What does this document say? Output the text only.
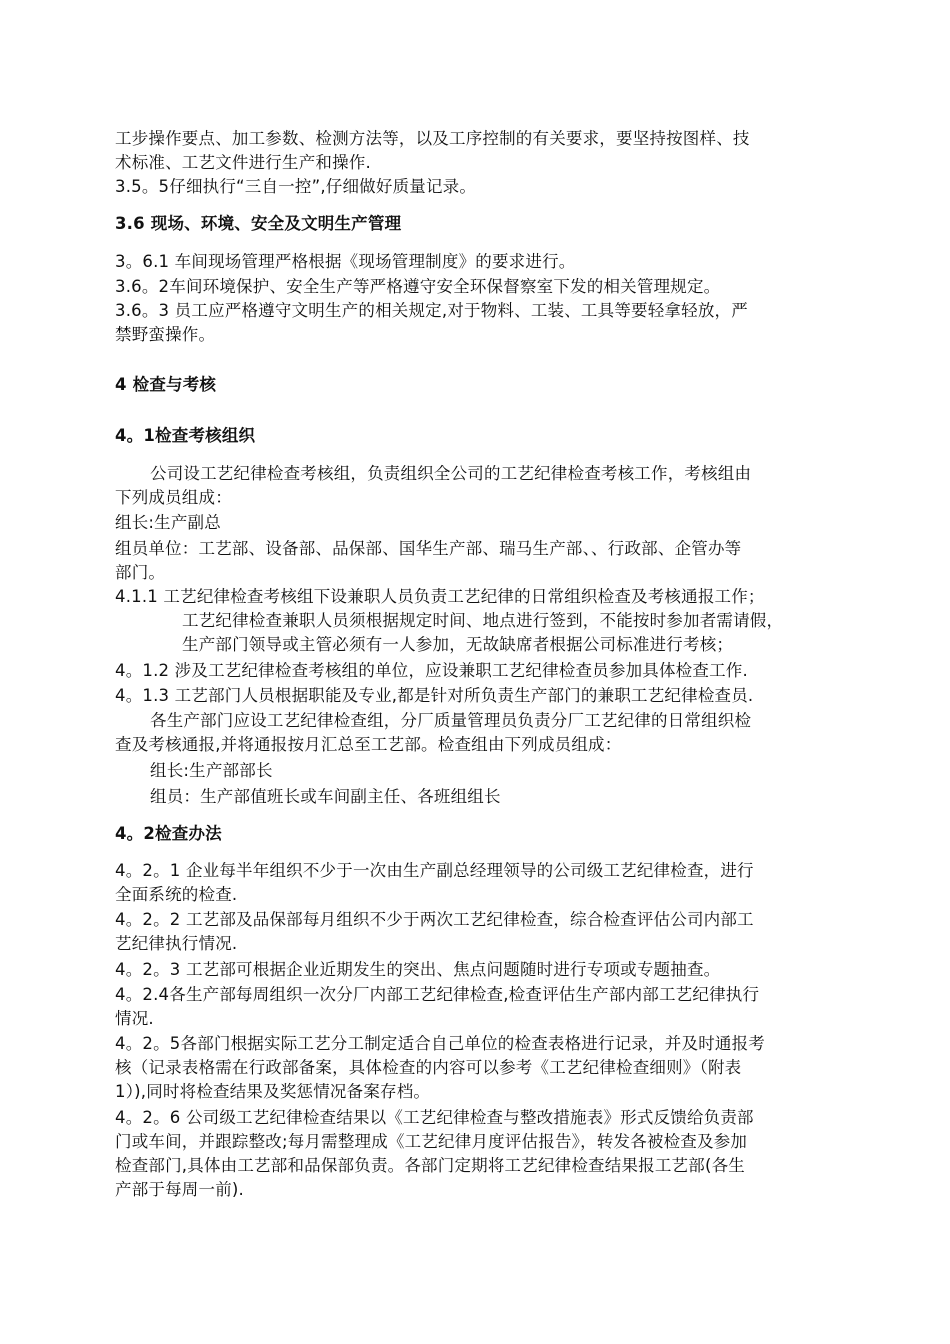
工步操作要点、加工参数、检测方法等，以及工序控制的有关要求，要坚持按图样、技
术标准、工艺文件进行生产和操作.
3.5。5仔细执行“三自一控”,仔细做好质量记录。
3.6 现场、环境、安全及文明生产管理
3。6.1 车间现场管理严格根据《现场管理制度》的要求进行。
3.6。2车间环境保护、安全生产等严格遵守安全环保督察室下发的相关管理规定。
3.6。3 员工应严格遵守文明生产的相关规定,对于物料、工装、工具等要轻拿轻放，严
禁野蛮操作。
4 检查与考核
4。1检查考核组织
公司设工艺纪律检查考核组，负责组织全公司的工艺纪律检查考核工作，考核组由
下列成员组成：
组长:生产副总
组员单位：工艺部、设备部、品保部、国华生产部、瑞马生产部、、行政部、企管办等
部门。
4.1.1 工艺纪律检查考核组下设兼职人员负责工艺纪律的日常组织检查及考核通报工作；
工艺纪律检查兼职人员须根据规定时间、地点进行签到，不能按时参加者需请假，
生产部门领导或主管必须有一人参加，无故缺席者根据公司标准进行考核；
4。1.2 涉及工艺纪律检查考核组的单位，应设兼职工艺纪律检查员参加具体检查工作.
4。1.3 工艺部门人员根据职能及专业,都是针对所负责生产部门的兼职工艺纪律检查员.
各生产部门应设工艺纪律检查组，分厂质量管理员负责分厂工艺纪律的日常组织检
查及考核通报,并将通报按月汇总至工艺部。检查组由下列成员组成：
组长:生产部部长
组员：生产部值班长或车间副主任、各班组组长
4。2检查办法
4。2。1 企业每半年组织不少于一次由生产副总经理领导的公司级工艺纪律检查，进行
全面系统的检查.
4。2。2 工艺部及品保部每月组织不少于两次工艺纪律检查，综合检查评估公司内部工
艺纪律执行情况.
4。2。3 工艺部可根据企业近期发生的突出、焦点问题随时进行专项或专题抽查。
4。2.4各生产部每周组织一次分厂内部工艺纪律检查,检查评估生产部内部工艺纪律执行
情况.
4。2。5各部门根据实际工艺分工制定适合自己单位的检查表格进行记录，并及时通报考
核（记录表格需在行政部备案，具体检查的内容可以参考《工艺纪律检查细则》（附表
1）),同时将检查结果及奖惩情况备案存档。
4。2。6 公司级工艺纪律检查结果以《工艺纪律检查与整改措施表》形式反馈给负责部
门或车间，并跟踪整改;每月需整理成《工艺纪律月度评估报告》，转发各被检查及参加
检查部门,具体由工艺部和品保部负责。各部门定期将工艺纪律检查结果报工艺部(各生
产部于每周一前).
